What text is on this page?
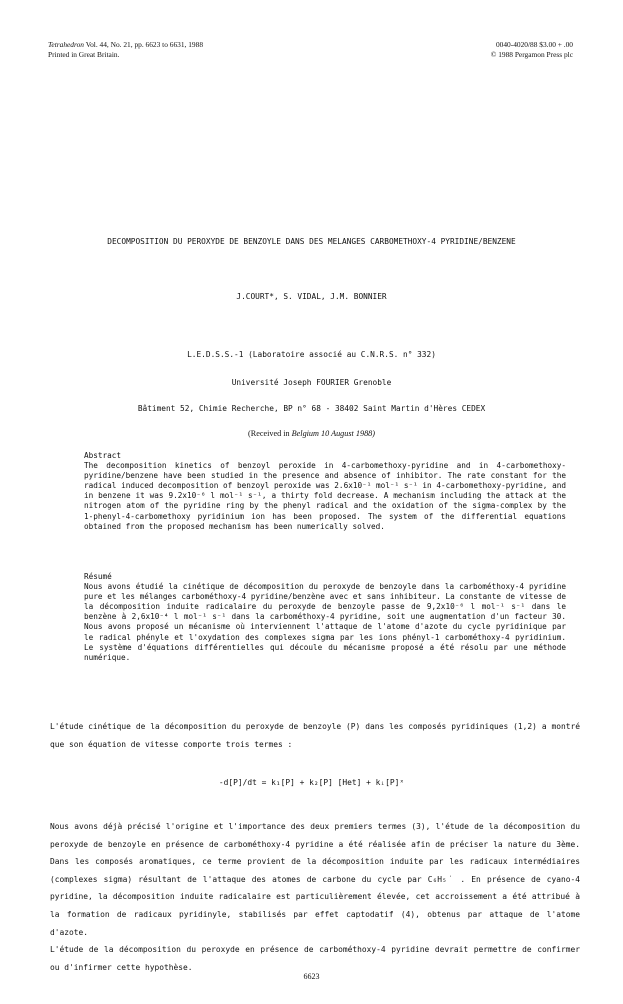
Tetrahedron Vol. 44, No. 21, pp. 6623 to 6631, 1988
Printed in Great Britain.
0040-4020/88 $3.00 + .00
© 1988 Pergamon Press plc
DECOMPOSITION DU PEROXYDE DE BENZOYLE DANS DES MELANGES CARBOMETHOXY-4 PYRIDINE/BENZENE
J.COURT*, S. VIDAL, J.M. BONNIER
L.E.D.S.S.-1 (Laboratoire associé au C.N.R.S. n° 332)
Université Joseph FOURIER Grenoble
Bâtiment 52, Chimie Recherche, BP n° 68 - 38402 Saint Martin d'Hères CEDEX
(Received in Belgium 10 August 1988)
Abstract

The decomposition kinetics of benzoyl peroxide in 4-carbomethoxy-pyridine and in 4-carbomethoxy-pyridine/benzene have been studied in the presence and absence of inhibitor. The rate constant for the radical induced decomposition of benzoyl peroxide was 2.6x10⁻¹ mol⁻¹ s⁻¹ in 4-carbomethoxy-pyridine, and in benzene it was 9.2x10⁻⁶ l mol⁻¹ s⁻¹, a thirty fold decrease. A mechanism including the attack at the nitrogen atom of the pyridine ring by the phenyl radical and the oxidation of the sigma-complex by the 1-phenyl-4-carbomethoxy pyridinium ion has been proposed. The system of the differential equations obtained from the proposed mechanism has been numerically solved.

Résumé

Nous avons étudié la cinétique de décomposition du peroxyde de benzoyle dans la carbométhoxy-4 pyridine pure et les mélanges carbométhoxy-4 pyridine/benzène avec et sans inhibiteur. La constante de vitesse de la décomposition induite radicalaire du peroxyde de benzoyle passe de 9,2x10⁻⁶ l mol⁻¹ s⁻¹ dans le benzène à 2,6x10⁻⁴ l mol⁻¹ s⁻¹ dans la carbométhoxy-4 pyridine, soit une augmentation d'un facteur 30. Nous avons proposé un mécanisme où interviennent l'attaque de l'atome d'azote du cycle pyridinique par le radical phényle et l'oxydation des complexes sigma par les ions phényl-1 carbométhoxy-4 pyridinium. Le système d'équations différentielles qui découle du mécanisme proposé a été résolu par une méthode numérique.

L'étude cinétique de la décomposition du peroxyde de benzoyle (P) dans les composés pyridiniques (1,2) a montré que son équation de vitesse comporte trois termes :

-d[P]/dt = k₁[P] + k₂[P] [Het] + kᵢ[P]ˣ

Nous avons déjà précisé l'origine et l'importance des deux premiers termes (3), l'étude de la décomposition du peroxyde de benzoyle en présence de carbométhoxy-4 pyridine a été réalisée afin de préciser la nature du 3ème. Dans les composés aromatiques, ce terme provient de la décomposition induite par les radicaux intermédiaires (complexes sigma) résultant de l'attaque des atomes de carbone du cycle par C₆H₅˙ . En présence de cyano-4 pyridine, la décomposition induite radicalaire est particulièrement élevée, cet accroissement a été attribué à la formation de radicaux pyridinyle, stabilisés par effet captodatif (4), obtenus par attaque de l'atome d'azote.

L'étude de la décomposition du peroxyde en présence de carbométhoxy-4 pyridine devrait permettre de confirmer ou d'infirmer cette hypothèse.

6623
